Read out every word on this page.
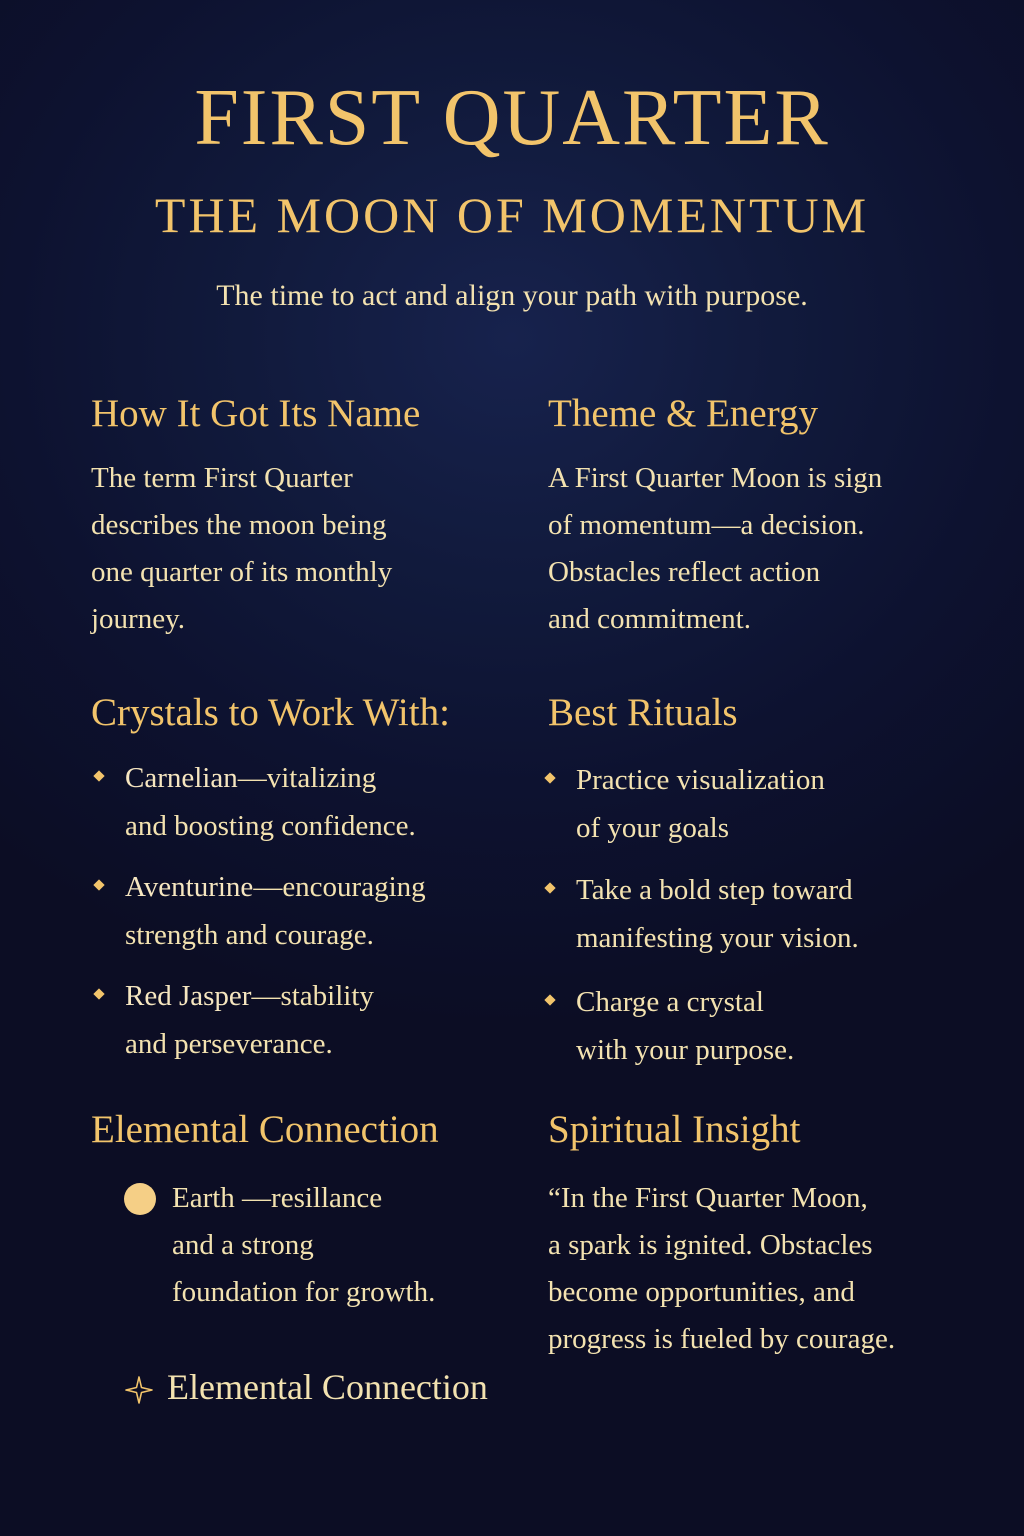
FIRST QUARTER
THE MOON OF MOMENTUM
The time to act and align your path with purpose.
How It Got Its Name
The term First Quarter
describes the moon being
one quarter of its monthly
journey.
Theme & Energy
A First Quarter Moon is sign
of momentum—a decision.
Obstacles reflect action
and commitment.
Crystals to Work With:
Carnelian—vitalizing
and boosting confidence.
Aventurine—encouraging
strength and courage.
Red Jasper—stability
and perseverance.
Best Rituals
Practice visualization
of your goals
Take a bold step toward
manifesting your vision.
Charge a crystal
with your purpose.
Elemental Connection
Earth —resillance
and a strong
foundation for growth.
Elemental Connection
Spiritual Insight
“In the First Quarter Moon,
a spark is ignited. Obstacles
become opportunities, and
progress is fueled by courage.
